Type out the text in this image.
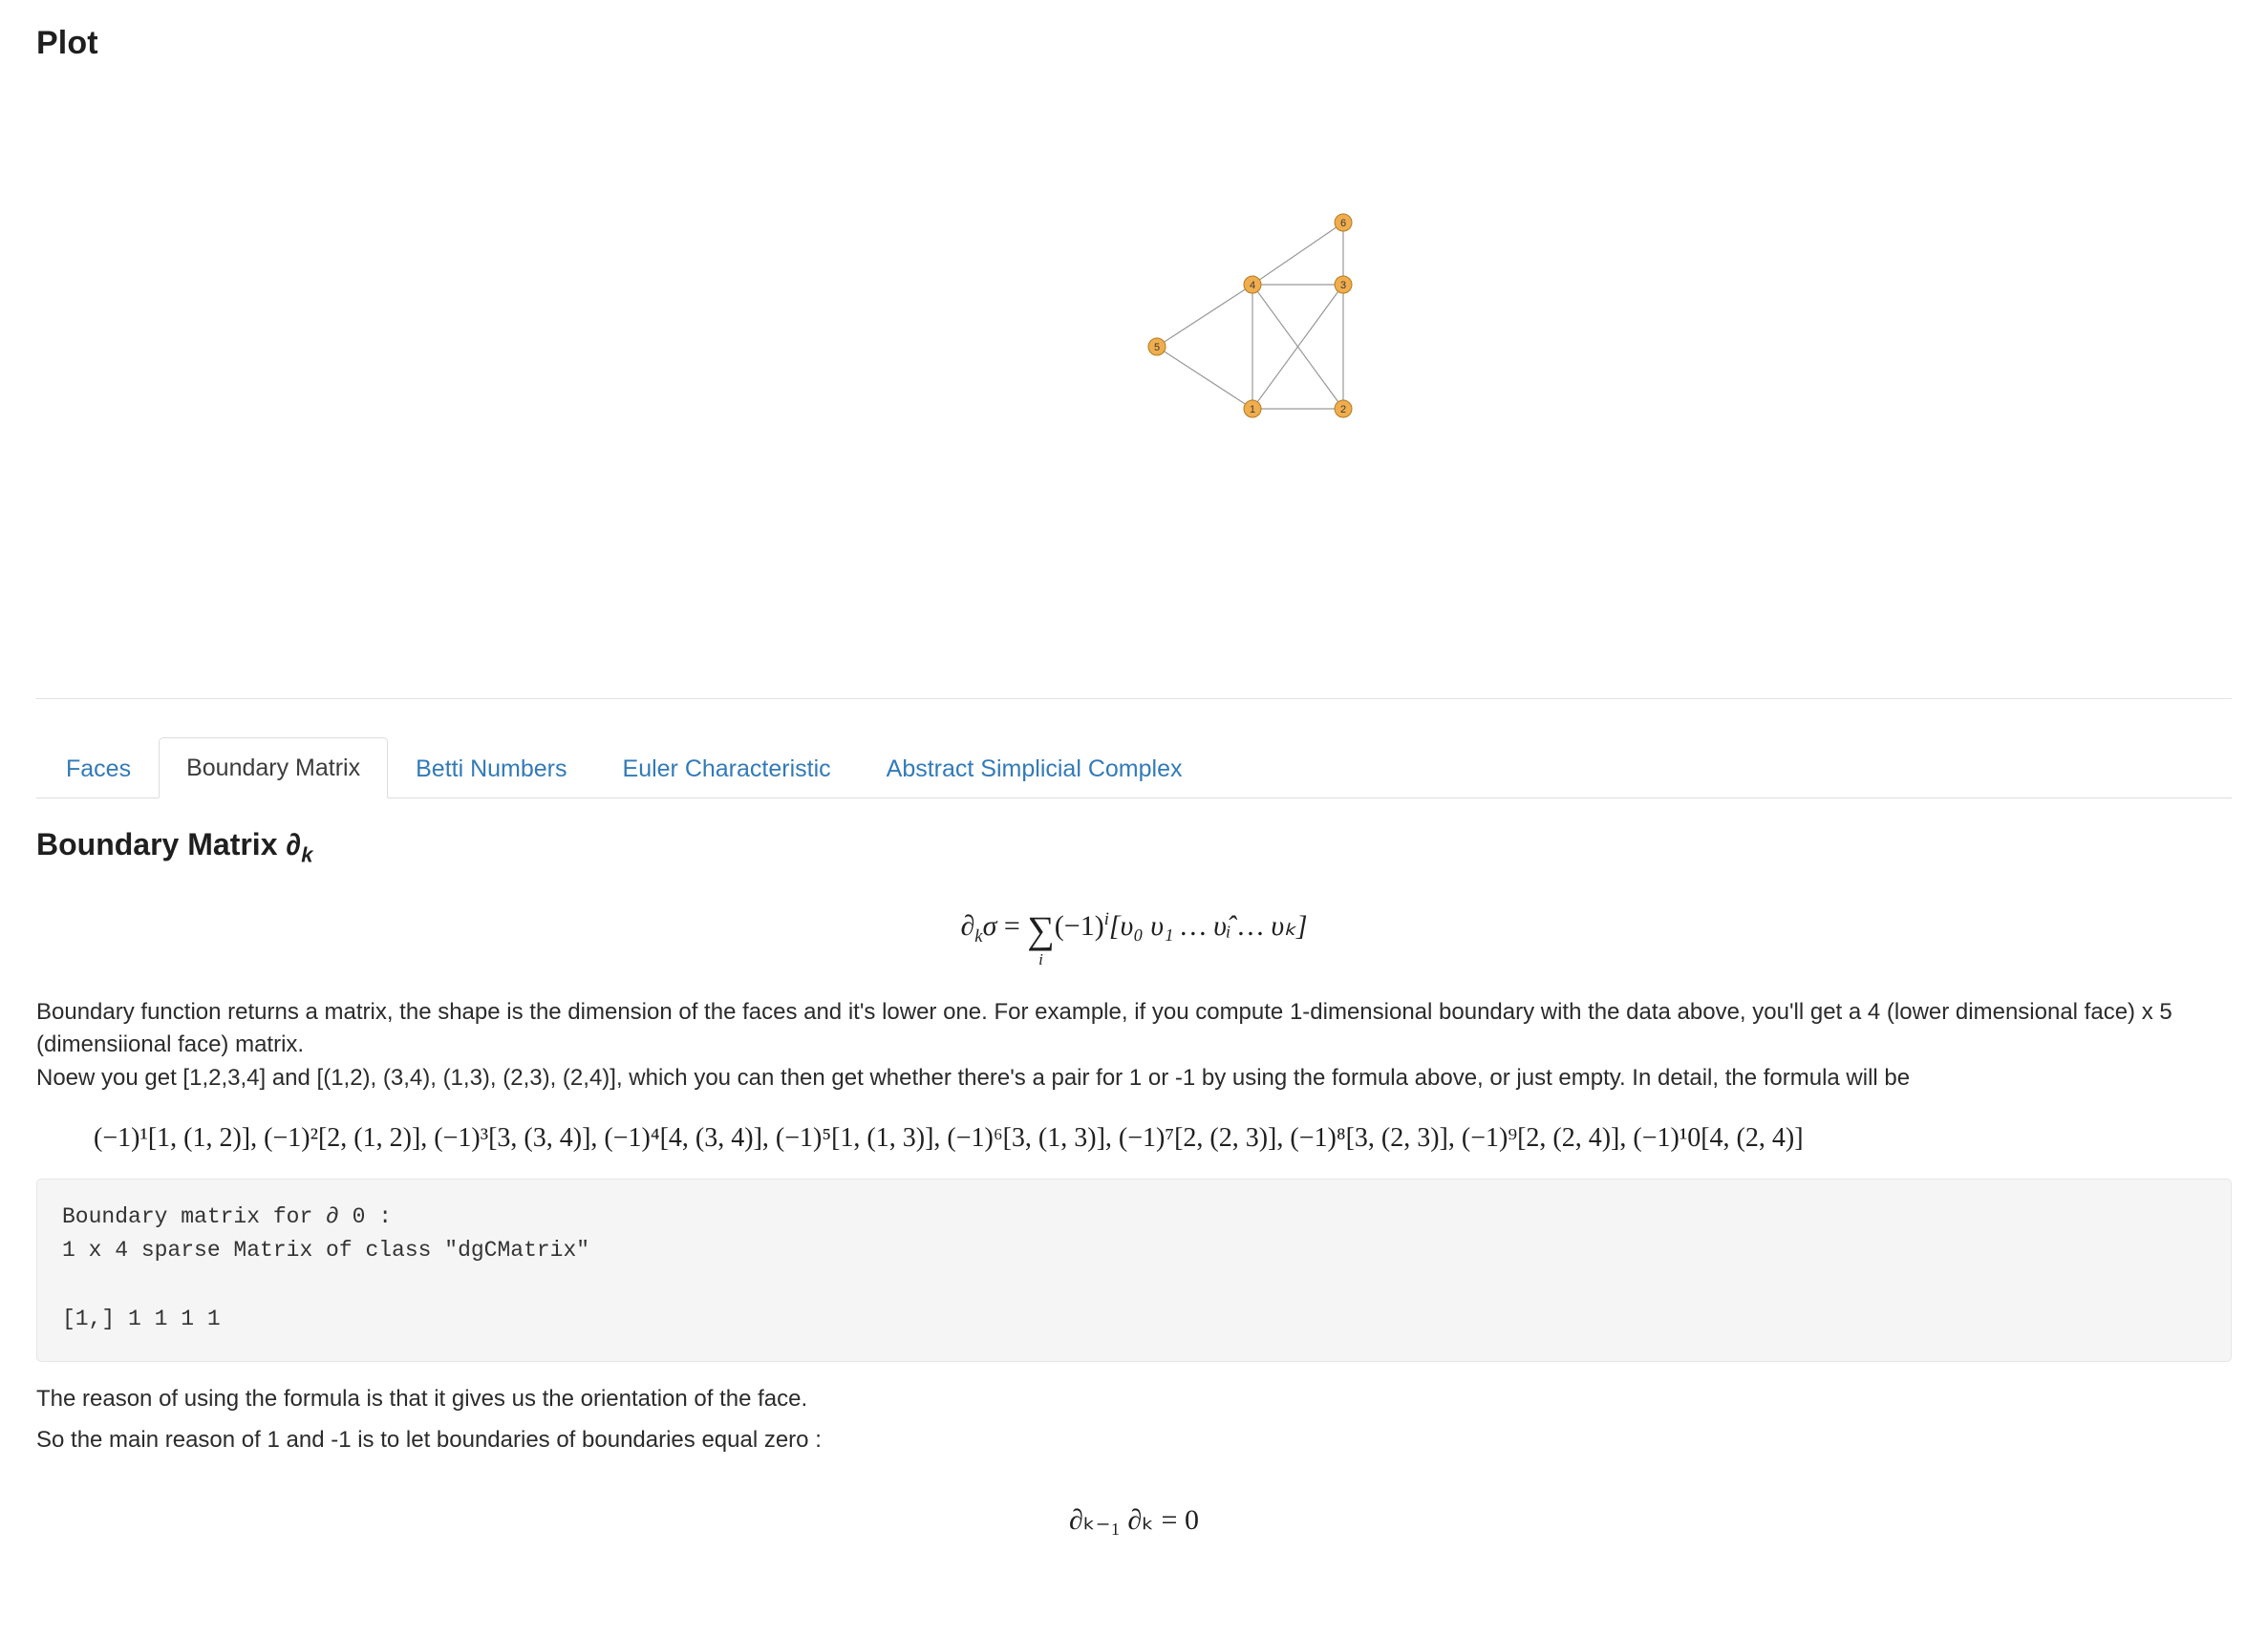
Plot
6
4	3
5
1	2
Faces	Boundary Matrix	Betti Numbers	Euler Characteristic	Abstract Simplicial Complex
Boundary Matrix $\partial_k$
$\partial_k\sigma$ = ∑
i
$(-1)^i[\upsilon_0$ υ₁ … υ̂ᵢ … υₖ]

Boundary function returns a matrix, the shape is the dimension of the faces and it's lower one. For example, if you compute 1-dimensional boundary with the data above, you'll get a 4 (lower dimensional face) x 5 (dimensiional face) matrix.

Noew you get [1,2,3,4] and [(1,2), (3,4), (1,3), (2,3), (2,4)], which you can then get whether there's a pair for 1 or -1 by using the formula above, or just empty. In detail, the formula will be

(−1)¹[1, (1, 2)], (−1)²[2, (1, 2)], (−1)³[3, (3, 4)], (−1)⁴[4, (3, 4)], (−1)⁵[1, (1, 3)], (−1)⁶[3, (1, 3)], (−1)⁷[2, (2, 3)], (−1)⁸[3, (2, 3)], (−1)⁹[2, (2, 4)], (−1)¹0[4, (2, 4)]
Boundary matrix for ∂ 0 :
1 x 4 sparse Matrix of class "dgCMatrix"

[1,] 1 1 1 1

The reason of using the formula is that it gives us the orientation of the face.

So the main reason of 1 and -1 is to let boundaries of boundaries equal zero :

∂ₖ₋₁ ∂ₖ = 0
